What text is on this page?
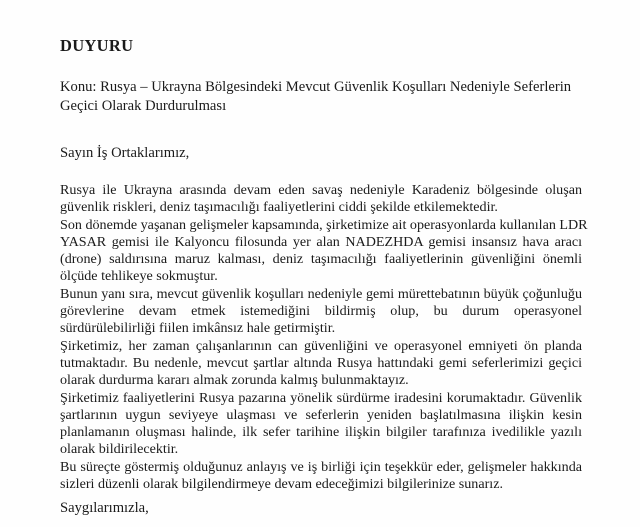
DUYURU

Konu: Rusya – Ukrayna Bölgesindeki Mevcut Güvenlik Koşulları Nedeniyle Seferlerin
Geçici Olarak Durdurulması

Sayın İş Ortaklarımız,

Rusya ile Ukrayna arasında devam eden savaş nedeniyle Karadeniz bölgesinde oluşan
güvenlik riskleri, deniz taşımacılığı faaliyetlerini ciddi şekilde etkilemektedir.
Son dönemde yaşanan gelişmeler kapsamında, şirketimize ait operasyonlarda kullanılan LDR
YASAR gemisi ile Kalyoncu filosunda yer alan NADEZHDA gemisi insansız hava aracı
(drone) saldırısına maruz kalması, deniz taşımacılığı faaliyetlerinin güvenliğini önemli
ölçüde tehlikeye sokmuştur.
Bunun yanı sıra, mevcut güvenlik koşulları nedeniyle gemi mürettebatının büyük çoğunluğu
görevlerine devam etmek istemediğini bildirmiş olup, bu durum operasyonel
sürdürülebilirliği fiilen imkânsız hale getirmiştir.
Şirketimiz, her zaman çalışanlarının can güvenliğini ve operasyonel emniyeti ön planda
tutmaktadır. Bu nedenle, mevcut şartlar altında Rusya hattındaki gemi seferlerimizi geçici
olarak durdurma kararı almak zorunda kalmış bulunmaktayız.
Şirketimiz faaliyetlerini Rusya pazarına yönelik sürdürme iradesini korumaktadır. Güvenlik
şartlarının uygun seviyeye ulaşması ve seferlerin yeniden başlatılmasına ilişkin kesin
planlamanın oluşması halinde, ilk sefer tarihine ilişkin bilgiler tarafınıza ivedilikle yazılı
olarak bildirilecektir.
Bu süreçte göstermiş olduğunuz anlayış ve iş birliği için teşekkür eder, gelişmeler hakkında
sizleri düzenli olarak bilgilendirmeye devam edeceğimizi bilgilerinize sunarız.

Saygılarımızla,
